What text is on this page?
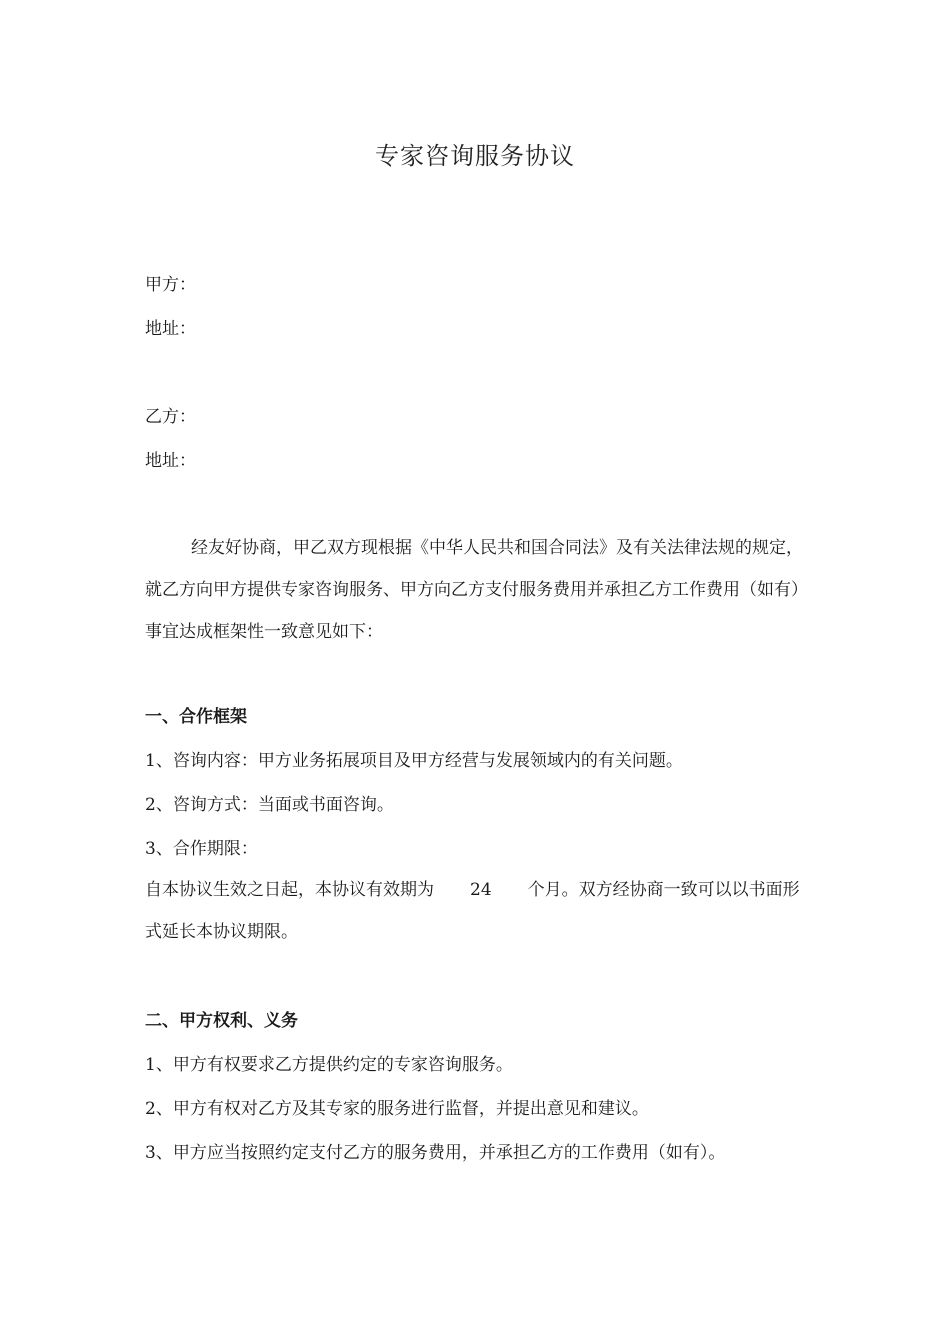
专家咨询服务协议
甲方：
地址：
乙方：
地址：
经友好协商，甲乙双方现根据《中华人民共和国合同法》及有关法律法规的规定，就乙方向甲方提供专家咨询服务、甲方向乙方支付服务费用并承担乙方工作费用（如有）事宜达成框架性一致意见如下：
一、合作框架
1、咨询内容：甲方业务拓展项目及甲方经营与发展领域内的有关问题。
2、咨询方式：当面或书面咨询。
3、合作期限：
自本协议生效之日起，本协议有效期为 24 个月。双方经协商一致可以以书面形式延长本协议期限。
二、甲方权利、义务
1、甲方有权要求乙方提供约定的专家咨询服务。
2、甲方有权对乙方及其专家的服务进行监督，并提出意见和建议。
3、甲方应当按照约定支付乙方的服务费用，并承担乙方的工作费用（如有）。
